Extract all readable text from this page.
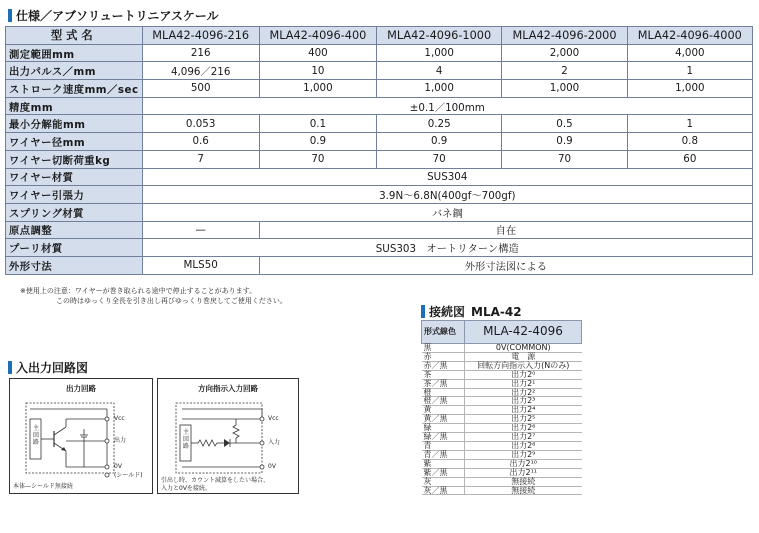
仕様／アブソリュートリニアスケール
型式名	MLA42-4096-216	MLA42-4096-400	MLA42-4096-1000	MLA42-4096-2000	MLA42-4096-4000
測定範囲mm	216	400	1,000	2,000	4,000
出力パルス／mm	4,096／216	10	4	2	1
ストローク速度mm／sec	500	1,000	1,000	1,000	1,000
精度mm	±0.1／100mm				
最小分解能mm	0.053	0.1	0.25	0.5	1
ワイヤー径mm	0.6	0.9	0.9	0.9	0.8
ワイヤー切断荷重kg	7	70	70	70	60
ワイヤー材質	SUS304				
ワイヤー引張力	3.9N～6.8N(400gf～700gf)				
スプリング材質	バネ鋼				
原点調整	—	自在			
プーリ材質	SUS303　オートリターン構造				
外形寸法	MLS50	外形寸法図による			
※使用上の注意：ワイヤーが巻き取られる途中で停止することがあります。
この時はゆっくり全長を引き出し再びゆっくり巻戻してご使用ください。
入出力回路図
出力回路
主回路
Vcc
出力
0V
(シールド)
本体—シールド無接続
方向指示入力回路
主回路
Vcc
入力
0V
引出し時、カウント減算をしたい場合、
入力と0Vを接続。
接続図 MLA-42
形式線色	MLA-42-4096
黒	0V(COMMON)
赤	電　源
赤／黒	回転方向指示入力(Nのみ)
茶	出力2⁰
茶／黒	出力2¹
橙	出力2²
橙／黒	出力2³
黄	出力2⁴
黄／黒	出力2⁵
緑	出力2⁶
緑／黒	出力2⁷
青	出力2⁸
青／黒	出力2⁹
紫	出力2¹⁰
紫／黒	出力2¹¹
灰	無接続
灰／黒	無接続
